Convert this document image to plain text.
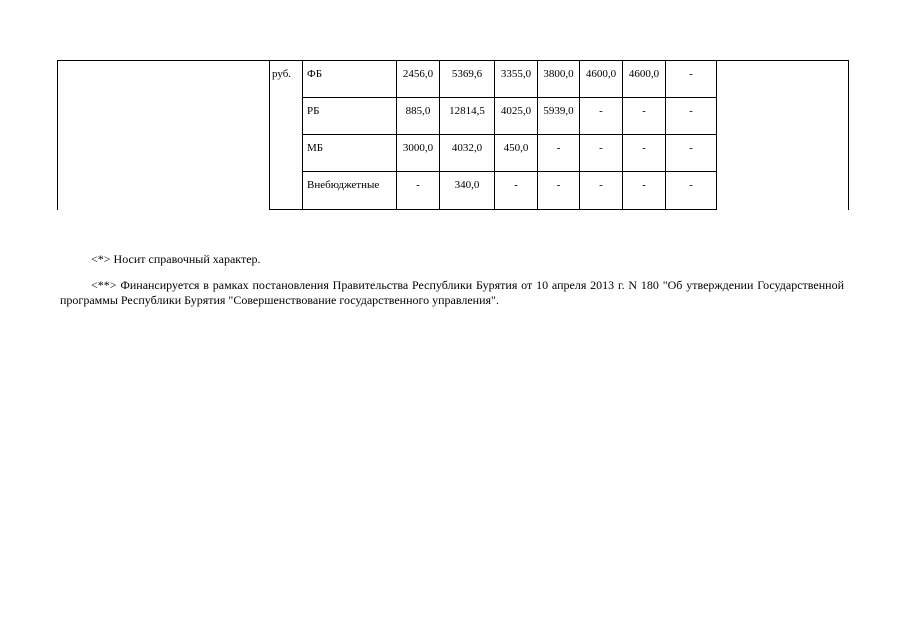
	руб.	ФБ	2456,0	5369,6	3355,0	3800,0	4600,0	4600,0	-	
		РБ	885,0	12814,5	4025,0	5939,0	-	-	-	
		МБ	3000,0	4032,0	450,0	-	-	-	-	
		Внебюджетные	-	340,0	-	-	-	-	-	

<*> Носит справочный характер.

<**> Финансируется в рамках постановления Правительства Республики Бурятия от 10 апреля 2013 г. N 180 "Об утверждении Государственной программы Республики Бурятия "Совершенствование государственного управления".
